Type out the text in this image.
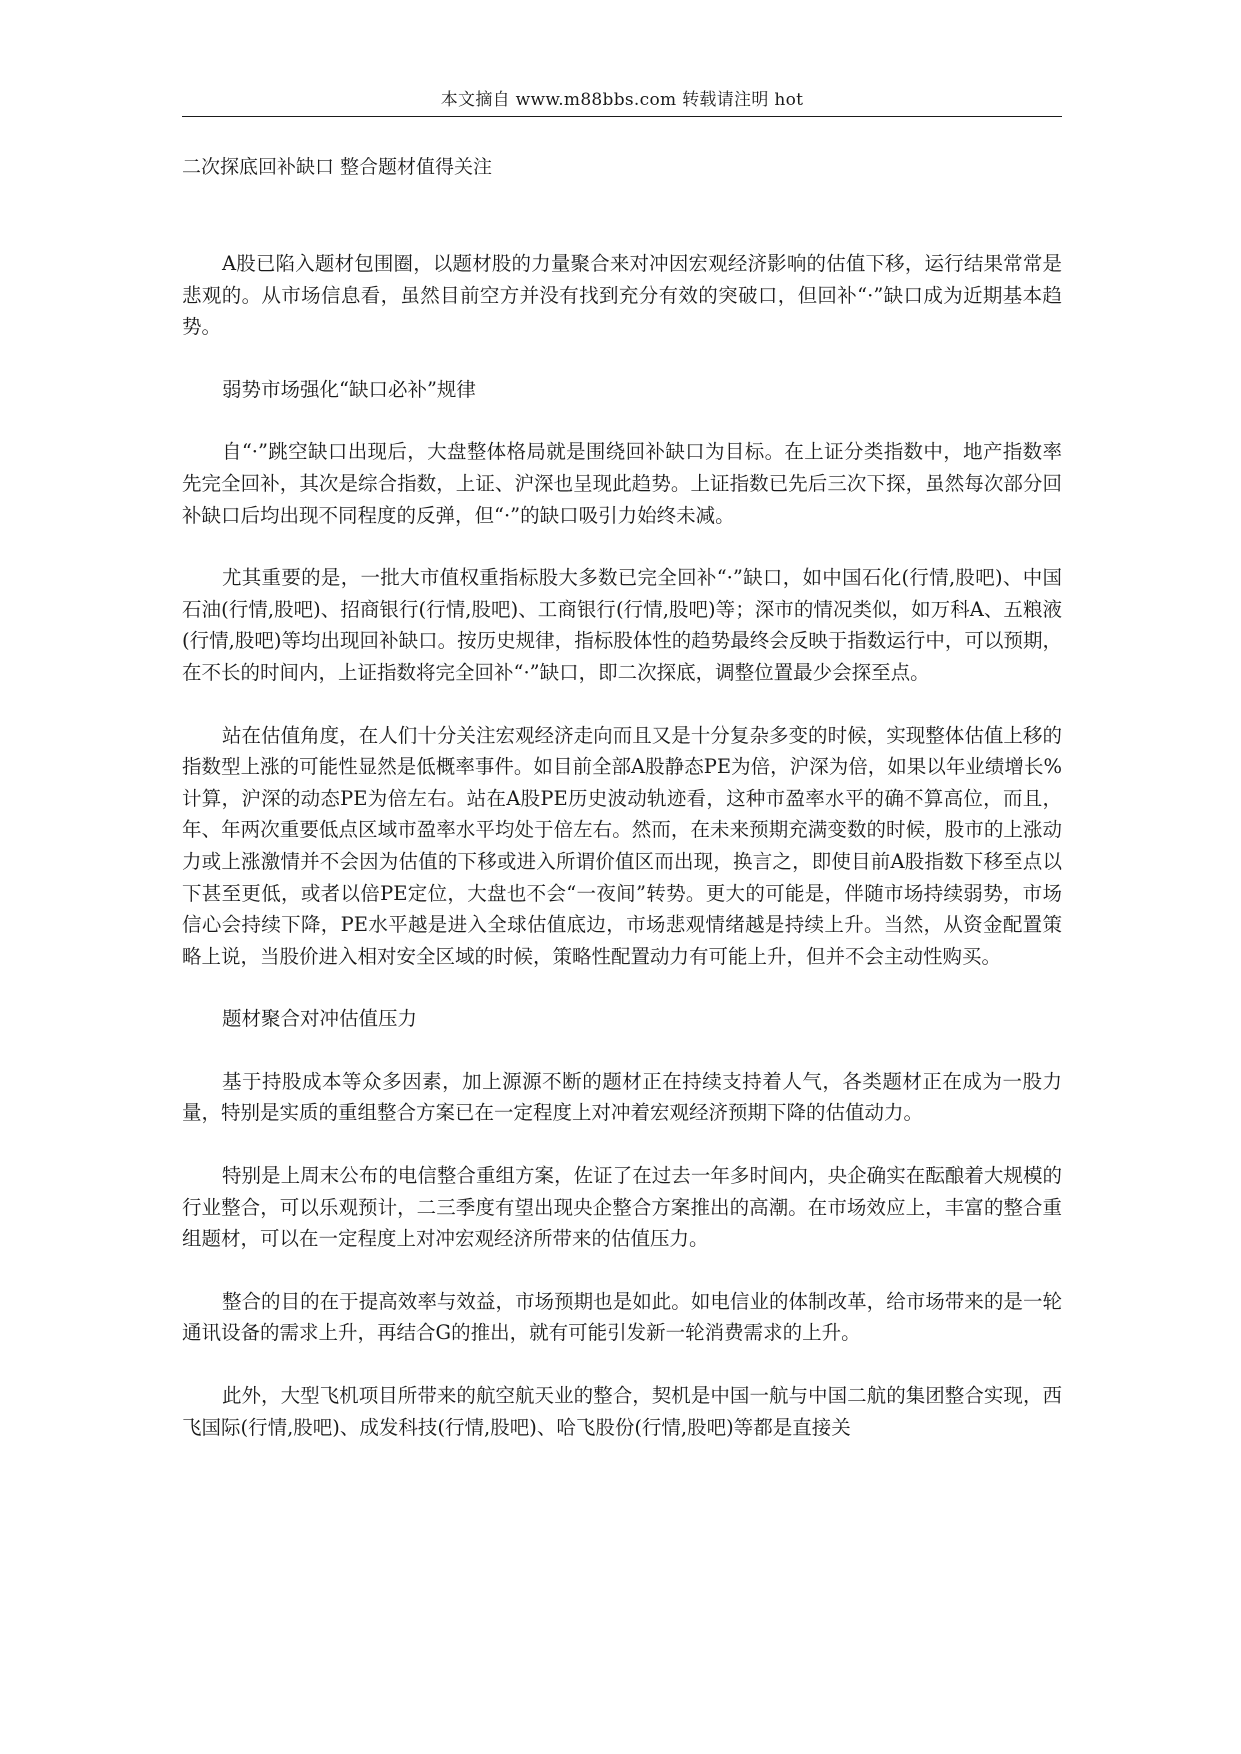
本文摘自 www.m88bbs.com 转载请注明 hot
二次探底回补缺口 整合题材值得关注

A股已陷入题材包围圈，以题材股的力量聚合来对冲因宏观经济影响的估值下移，运行结果常常是悲观的。从市场信息看，虽然目前空方并没有找到充分有效的突破口，但回补“·”缺口成为近期基本趋势。

弱势市场强化“缺口必补”规律

自“·”跳空缺口出现后，大盘整体格局就是围绕回补缺口为目标。在上证分类指数中，地产指数率先完全回补，其次是综合指数，上证、沪深也呈现此趋势。上证指数已先后三次下探，虽然每次部分回补缺口后均出现不同程度的反弹，但“·”的缺口吸引力始终未减。

尤其重要的是，一批大市值权重指标股大多数已完全回补“·”缺口，如中国石化(行情,股吧)、中国石油(行情,股吧)、招商银行(行情,股吧)、工商银行(行情,股吧)等；深市的情况类似，如万科A、五粮液(行情,股吧)等均出现回补缺口。按历史规律，指标股体性的趋势最终会反映于指数运行中，可以预期，在不长的时间内，上证指数将完全回补“·”缺口，即二次探底，调整位置最少会探至点。

站在估值角度，在人们十分关注宏观经济走向而且又是十分复杂多变的时候，实现整体估值上移的指数型上涨的可能性显然是低概率事件。如目前全部A股静态PE为倍，沪深为倍，如果以年业绩增长%计算，沪深的动态PE为倍左右。站在A股PE历史波动轨迹看，这种市盈率水平的确不算高位，而且，年、年两次重要低点区域市盈率水平均处于倍左右。然而，在未来预期充满变数的时候，股市的上涨动力或上涨激情并不会因为估值的下移或进入所谓价值区而出现，换言之，即使目前A股指数下移至点以下甚至更低，或者以倍PE定位，大盘也不会“一夜间”转势。更大的可能是，伴随市场持续弱势，市场信心会持续下降，PE水平越是进入全球估值底边，市场悲观情绪越是持续上升。当然，从资金配置策略上说，当股价进入相对安全区域的时候，策略性配置动力有可能上升，但并不会主动性购买。

题材聚合对冲估值压力

基于持股成本等众多因素，加上源源不断的题材正在持续支持着人气，各类题材正在成为一股力量，特别是实质的重组整合方案已在一定程度上对冲着宏观经济预期下降的估值动力。

特别是上周末公布的电信整合重组方案，佐证了在过去一年多时间内，央企确实在酝酿着大规模的行业整合，可以乐观预计，二三季度有望出现央企整合方案推出的高潮。在市场效应上，丰富的整合重组题材，可以在一定程度上对冲宏观经济所带来的估值压力。

整合的目的在于提高效率与效益，市场预期也是如此。如电信业的体制改革，给市场带来的是一轮通讯设备的需求上升，再结合G的推出，就有可能引发新一轮消费需求的上升。

此外，大型飞机项目所带来的航空航天业的整合，契机是中国一航与中国二航的集团整合实现，西飞国际(行情,股吧)、成发科技(行情,股吧)、哈飞股份(行情,股吧)等都是直接关
